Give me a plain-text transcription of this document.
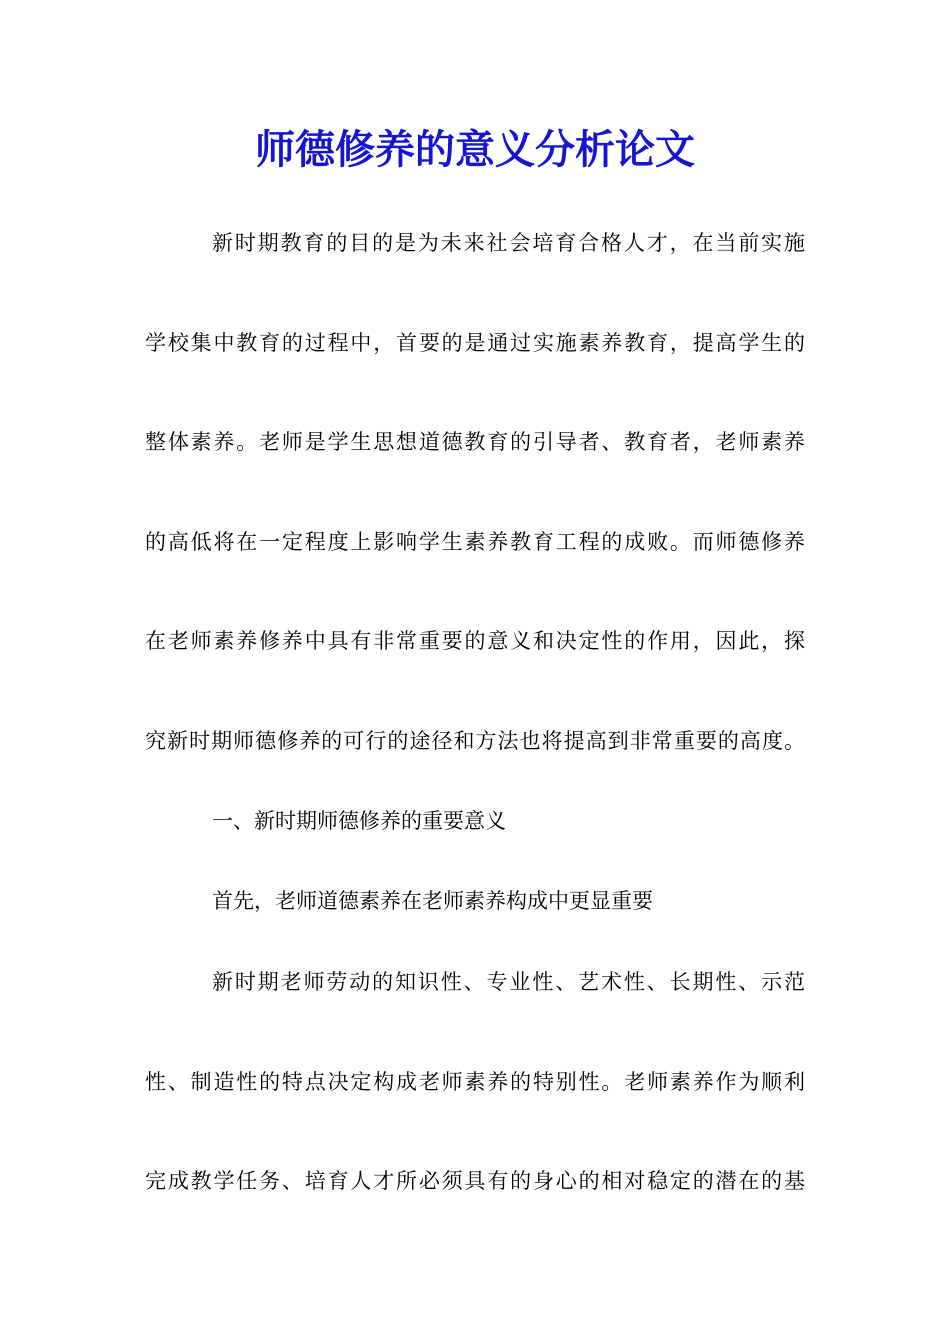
师德修养的意义分析论文
新时期教育的目的是为未来社会培育合格人才，在当前实施
学校集中教育的过程中，首要的是通过实施素养教育，提高学生的
整体素养。老师是学生思想道德教育的引导者、教育者，老师素养
的高低将在一定程度上影响学生素养教育工程的成败。而师德修养
在老师素养修养中具有非常重要的意义和决定性的作用，因此，探
究新时期师德修养的可行的途径和方法也将提高到非常重要的高度。
一、新时期师德修养的重要意义
首先，老师道德素养在老师素养构成中更显重要
新时期老师劳动的知识性、专业性、艺术性、长期性、示范
性、制造性的特点决定构成老师素养的特别性。老师素养作为顺利
完成教学任务、培育人才所必须具有的身心的相对稳定的潜在的基
